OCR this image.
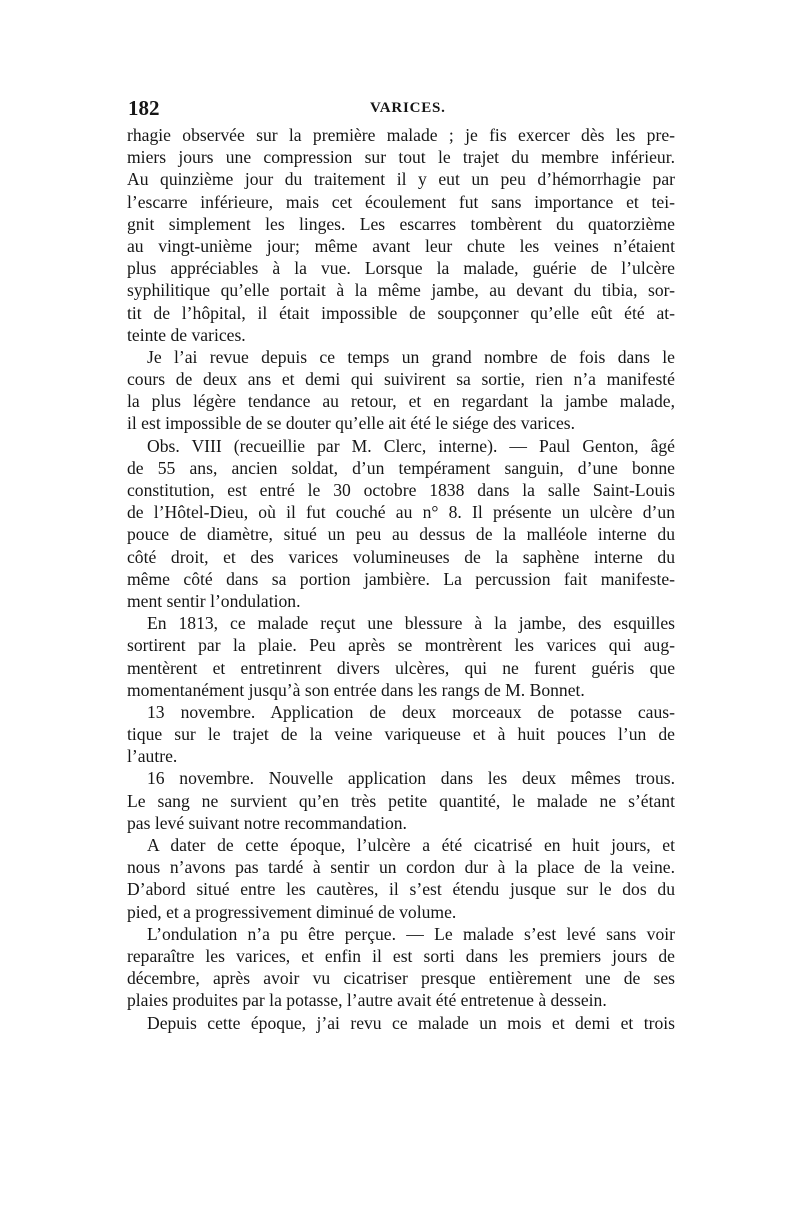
182	VARICES.
rhagie observée sur la première malade ; je fis exercer dès les pre-
miers jours une compression sur tout le trajet du membre inférieur.
Au quinzième jour du traitement il y eut un peu d’hémorrhagie par
l’escarre inférieure, mais cet écoulement fut sans importance et tei-
gnit simplement les linges. Les escarres tombèrent du quatorzième
au vingt-unième jour; même avant leur chute les veines n’étaient
plus appréciables à la vue. Lorsque la malade, guérie de l’ulcère
syphilitique qu’elle portait à la même jambe, au devant du tibia, sor-
tit de l’hôpital, il était impossible de soupçonner qu’elle eût été at-
teinte de varices.
Je l’ai revue depuis ce temps un grand nombre de fois dans le
cours de deux ans et demi qui suivirent sa sortie, rien n’a manifesté
la plus légère tendance au retour, et en regardant la jambe malade,
il est impossible de se douter qu’elle ait été le siége des varices.
Obs. VIII (recueillie par M. Clerc, interne). — Paul Genton, âgé
de 55 ans, ancien soldat, d’un tempérament sanguin, d’une bonne
constitution, est entré le 30 octobre 1838 dans la salle Saint-Louis
de l’Hôtel-Dieu, où il fut couché au n° 8. Il présente un ulcère d’un
pouce de diamètre, situé un peu au dessus de la malléole interne du
côté droit, et des varices volumineuses de la saphène interne du
même côté dans sa portion jambière. La percussion fait manifeste-
ment sentir l’ondulation.
En 1813, ce malade reçut une blessure à la jambe, des esquilles
sortirent par la plaie. Peu après se montrèrent les varices qui aug-
mentèrent et entretinrent divers ulcères, qui ne furent guéris que
momentanément jusqu’à son entrée dans les rangs de M. Bonnet.
13 novembre. Application de deux morceaux de potasse caus-
tique sur le trajet de la veine variqueuse et à huit pouces l’un de
l’autre.
16 novembre. Nouvelle application dans les deux mêmes trous.
Le sang ne survient qu’en très petite quantité, le malade ne s’étant
pas levé suivant notre recommandation.
A dater de cette époque, l’ulcère a été cicatrisé en huit jours, et
nous n’avons pas tardé à sentir un cordon dur à la place de la veine.
D’abord situé entre les cautères, il s’est étendu jusque sur le dos du
pied, et a progressivement diminué de volume.
L’ondulation n’a pu être perçue. — Le malade s’est levé sans voir
reparaître les varices, et enfin il est sorti dans les premiers jours de
décembre, après avoir vu cicatriser presque entièrement une de ses
plaies produites par la potasse, l’autre avait été entretenue à dessein.
Depuis cette époque, j’ai revu ce malade un mois et demi et trois
